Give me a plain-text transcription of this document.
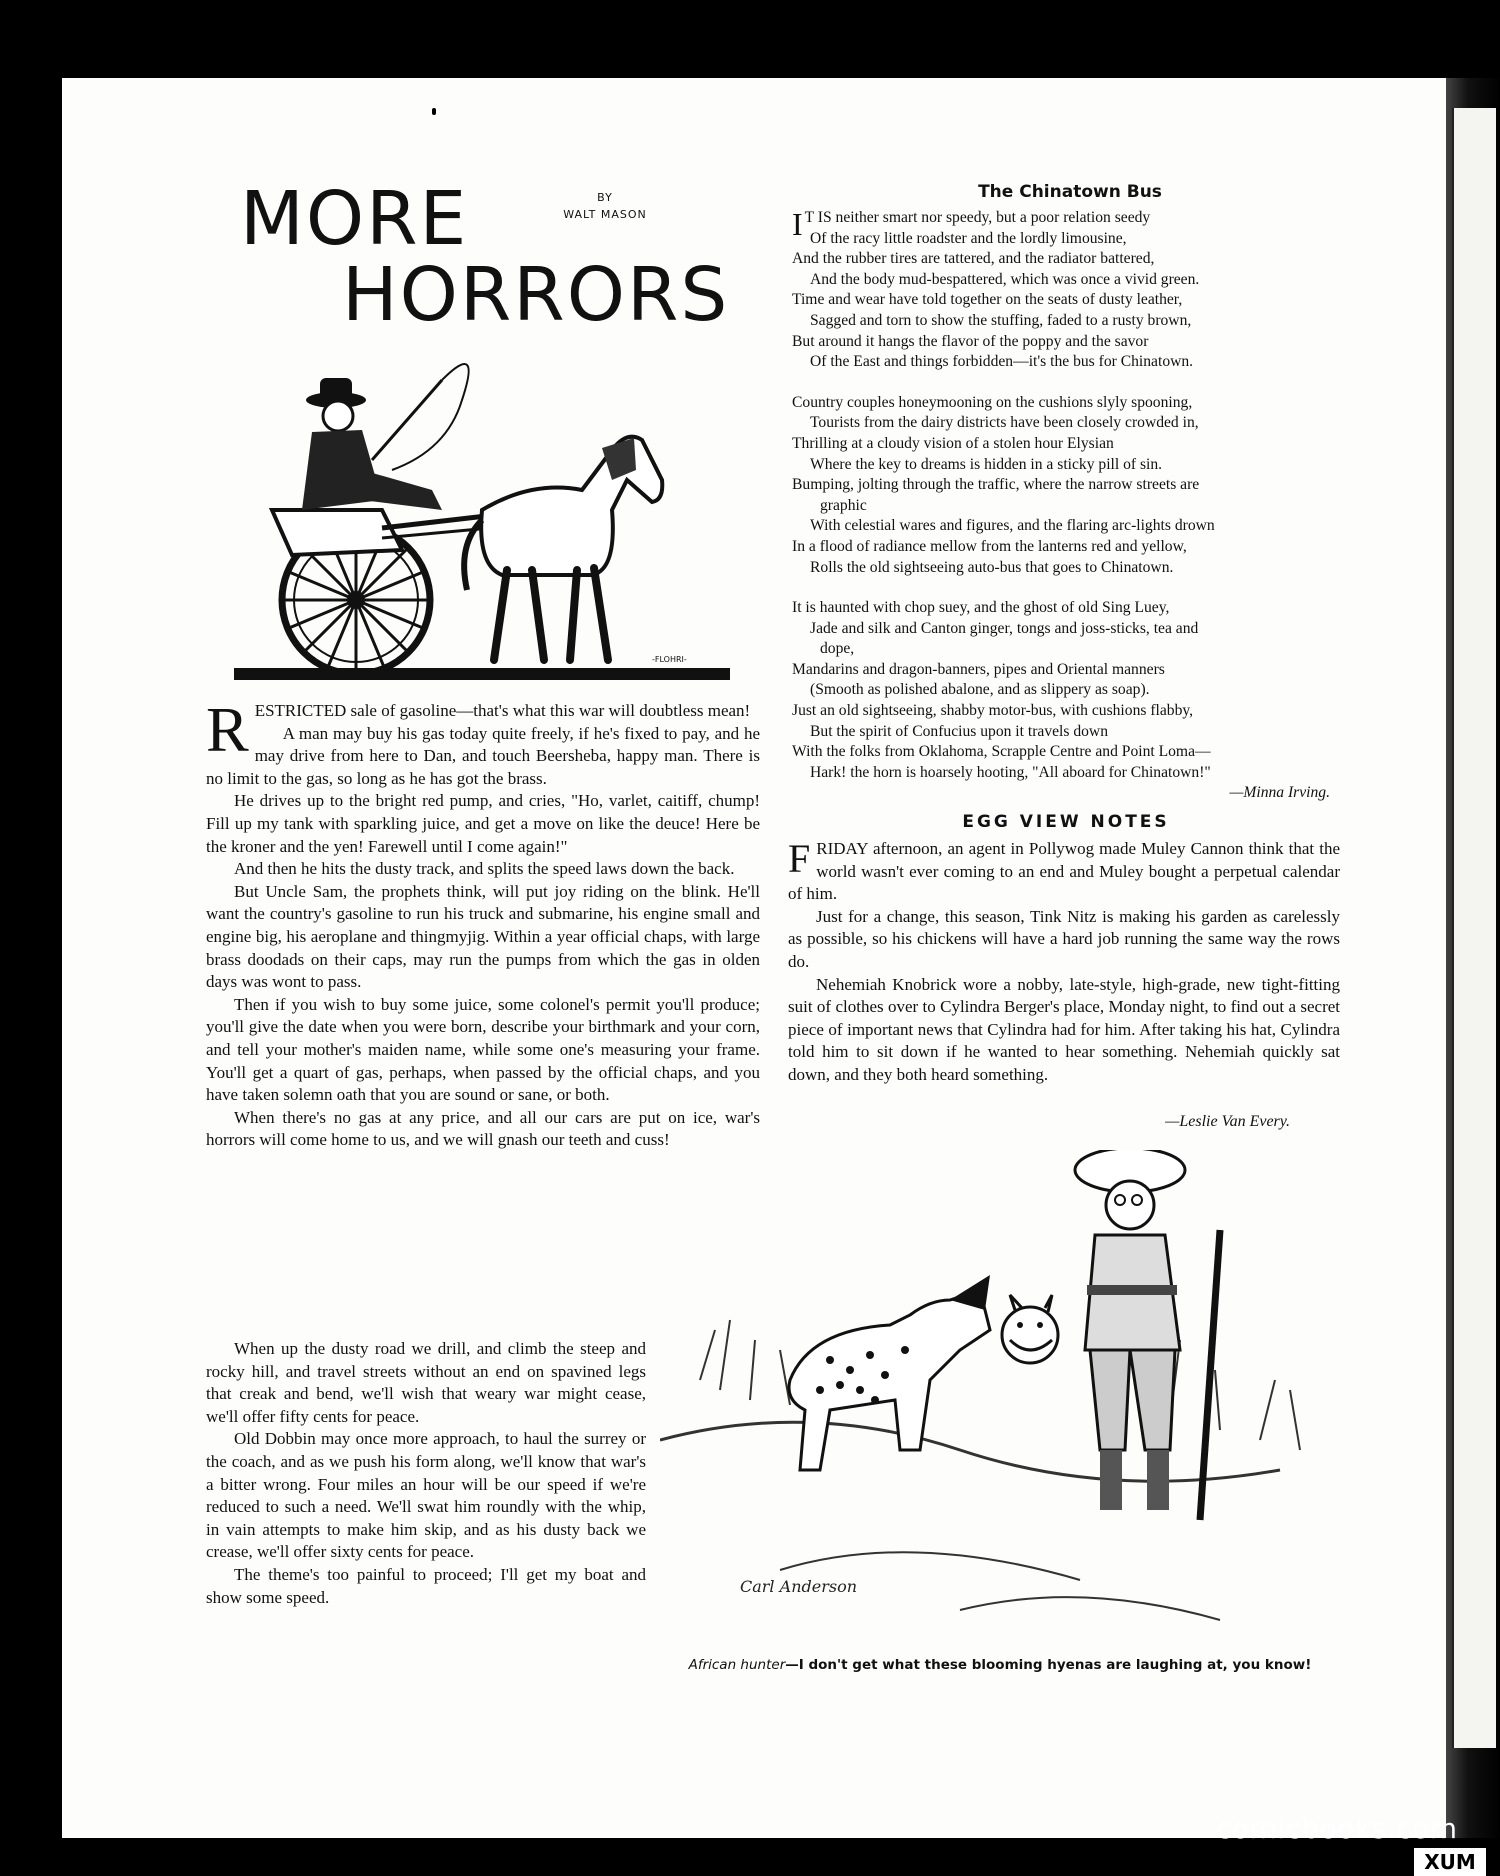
MORE
HORRORS
BY
WALT MASON
-FLOHRI-

RESTRICTED sale of gasoline—that's what this war will doubtless mean!

A man may buy his gas today quite freely, if he's fixed to pay, and he may drive from here to Dan, and touch Beersheba, happy man. There is no limit to the gas, so long as he has got the brass.

He drives up to the bright red pump, and cries, "Ho, varlet, caitiff, chump! Fill up my tank with sparkling juice, and get a move on like the deuce! Here be the kroner and the yen! Farewell until I come again!"

And then he hits the dusty track, and splits the speed laws down the back.

But Uncle Sam, the prophets think, will put joy riding on the blink. He'll want the country's gasoline to run his truck and submarine, his engine small and engine big, his aeroplane and thingmyjig. Within a year official chaps, with large brass doodads on their caps, may run the pumps from which the gas in olden days was wont to pass.

Then if you wish to buy some juice, some colonel's permit you'll produce; you'll give the date when you were born, describe your birthmark and your corn, and tell your mother's maiden name, while some one's measuring your frame. You'll get a quart of gas, perhaps, when passed by the official chaps, and you have taken solemn oath that you are sound or sane, or both.

When there's no gas at any price, and all our cars are put on ice, war's horrors will come home to us, and we will gnash our teeth and cuss!

When up the dusty road we drill, and climb the steep and rocky hill, and travel streets without an end on spavined legs that creak and bend, we'll wish that weary war might cease, we'll offer fifty cents for peace.

Old Dobbin may once more approach, to haul the surrey or the coach, and as we push his form along, we'll know that war's a bitter wrong. Four miles an hour will be our speed if we're reduced to such a need. We'll swat him roundly with the whip, in vain attempts to make him skip, and as his dusty back we crease, we'll offer sixty cents for peace.

The theme's too painful to proceed; I'll get my boat and show some speed.

The Chinatown Bus
I T IS neither smart nor speedy, but a poor relation seedy
Of the racy little roadster and the lordly limousine,
And the rubber tires are tattered, and the radiator battered,
And the body mud-bespattered, which was once a vivid green.
Time and wear have told together on the seats of dusty leather,
Sagged and torn to show the stuffing, faded to a rusty brown,
But around it hangs the flavor of the poppy and the savor
Of the East and things forbidden—it's the bus for Chinatown.
Country couples honeymooning on the cushions slyly spooning,
Tourists from the dairy districts have been closely crowded in,
Thrilling at a cloudy vision of a stolen hour Elysian
Where the key to dreams is hidden in a sticky pill of sin.
Bumping, jolting through the traffic, where the narrow streets are
graphic
With celestial wares and figures, and the flaring arc-lights drown
In a flood of radiance mellow from the lanterns red and yellow,
Rolls the old sightseeing auto-bus that goes to Chinatown.
It is haunted with chop suey, and the ghost of old Sing Luey,
Jade and silk and Canton ginger, tongs and joss-sticks, tea and
dope,
Mandarins and dragon-banners, pipes and Oriental manners
(Smooth as polished abalone, and as slippery as soap).
Just an old sightseeing, shabby motor-bus, with cushions flabby,
But the spirit of Confucius upon it travels down
With the folks from Oklahoma, Scrapple Centre and Point Loma—
Hark! the horn is hoarsely hooting, "All aboard for Chinatown!"
—Minna Irving.
EGG VIEW NOTES

FRIDAY afternoon, an agent in Pollywog made Muley Cannon think that the world wasn't ever coming to an end and Muley bought a perpetual calendar of him.

Just for a change, this season, Tink Nitz is making his garden as carelessly as possible, so his chickens will have a hard job running the same way the rows do.

Nehemiah Knobrick wore a nobby, late-style, high-grade, new tight-fitting suit of clothes over to Cylindra Berger's place, Monday night, to find out a secret piece of important news that Cylindra had for him. After taking his hat, Cylindra told him to sit down if he wanted to hear something. Nehemiah quickly sat down, and they both heard something.

—Leslie Van Every.
Carl Anderson
African hunter—I don't get what these blooming hyenas are laughing at, you know!
comicbooks.com
XUM
